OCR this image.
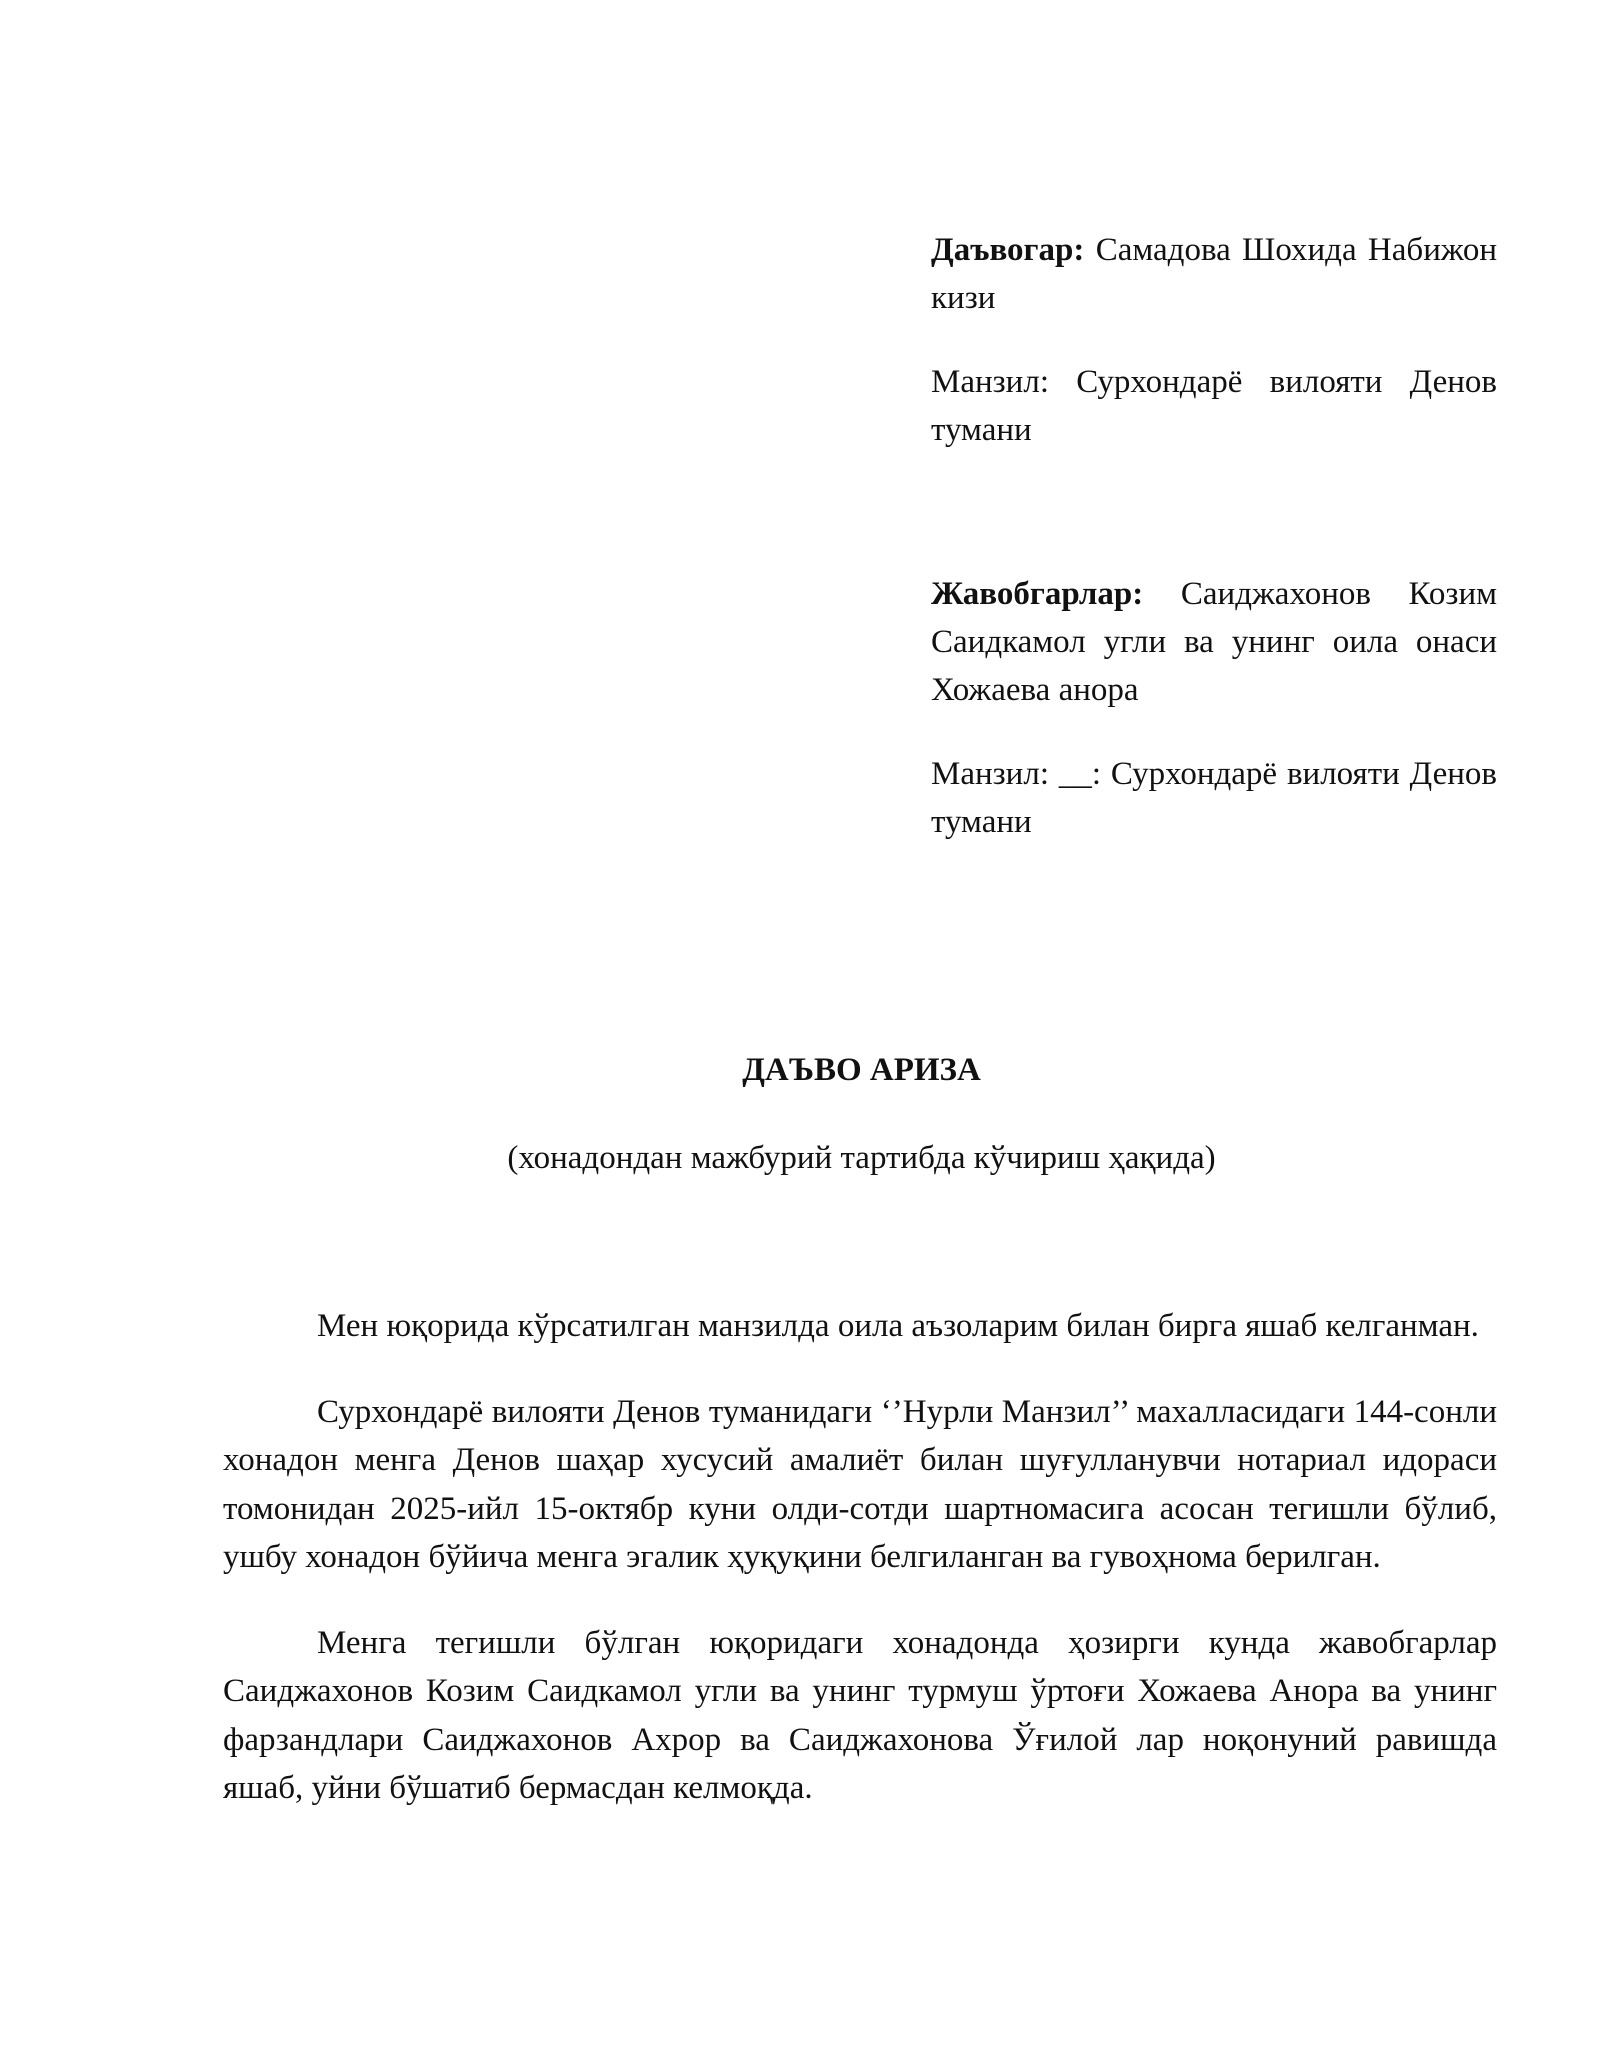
Даъвогар: Самадова Шохида Набижон кизи

Манзил: Сурхондарё вилояти Денов тумани

Жавобгарлар: Саиджахонов Козим Саидкамол угли ва унинг оила онаси Хожаева анора

Манзил: __: Сурхондарё вилояти Денов тумани

ДАЪВО АРИЗА

(хонадондан мажбурий тартибда кўчириш ҳақида)

Мен юқорида кўрсатилган манзилда оила аъзоларим билан бирга яшаб келганман.

Сурхондарё вилояти Денов туманидаги ‘’Нурли Манзил’’ махалласидаги 144-сонли хонадон менга Денов шаҳар хусусий амалиёт билан шуғулланувчи нотариал идораси томонидан 2025-ийл 15-октябр куни олди-сотди шартномасига асосан тегишли бўлиб, ушбу хонадон бўйича менга эгалик ҳуқуқини белгиланган ва гувоҳнома берилган.

Менга тегишли бўлган юқоридаги хонадонда ҳозирги кунда жавобгарлар Саиджахонов Козим Саидкамол угли ва унинг турмуш ўртоғи Хожаева Анора ва унинг фарзандлари Саиджахонов Ахрор ва Саиджахонова Ўғилой лар ноқонуний равишда яшаб, уйни бўшатиб бермасдан келмоқда.
